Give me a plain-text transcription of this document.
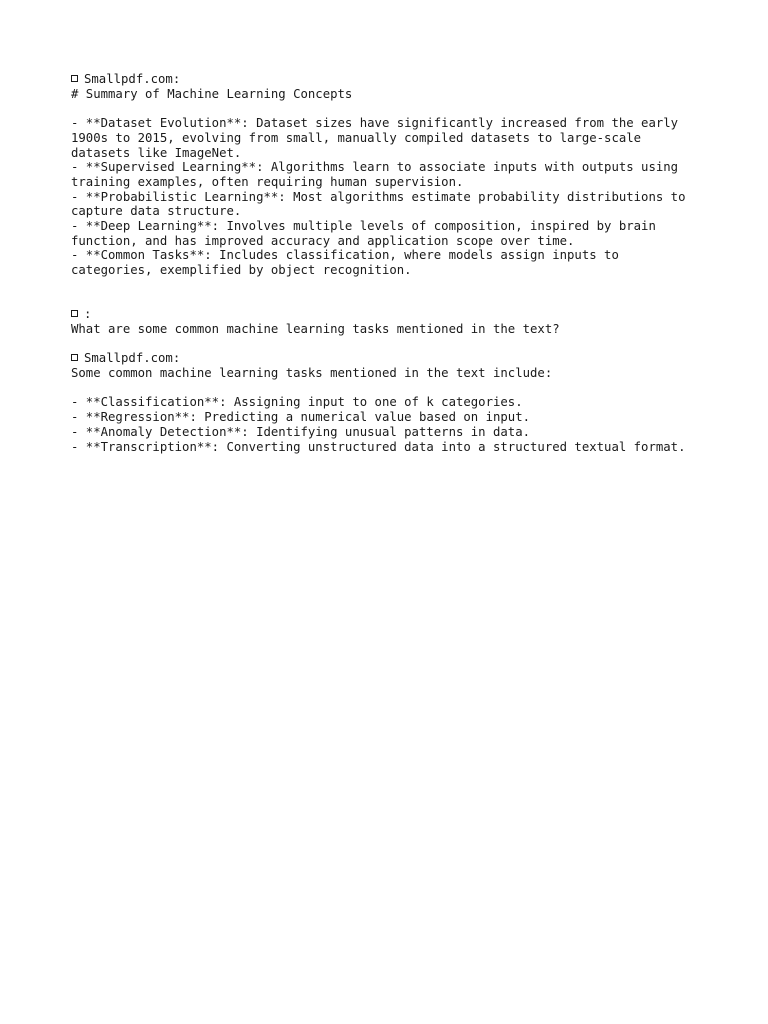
Smallpdf.com:
# Summary of Machine Learning Concepts
- **Dataset Evolution**: Dataset sizes have significantly increased from the early
1900s to 2015, evolving from small, manually compiled datasets to large-scale
datasets like ImageNet.
- **Supervised Learning**: Algorithms learn to associate inputs with outputs using
training examples, often requiring human supervision.
- **Probabilistic Learning**: Most algorithms estimate probability distributions to
capture data structure.
- **Deep Learning**: Involves multiple levels of composition, inspired by brain
function, and has improved accuracy and application scope over time.
- **Common Tasks**: Includes classification, where models assign inputs to
categories, exemplified by object recognition.
:
What are some common machine learning tasks mentioned in the text?
Smallpdf.com:
Some common machine learning tasks mentioned in the text include:
- **Classification**: Assigning input to one of k categories.
- **Regression**: Predicting a numerical value based on input.
- **Anomaly Detection**: Identifying unusual patterns in data.
- **Transcription**: Converting unstructured data into a structured textual format.
